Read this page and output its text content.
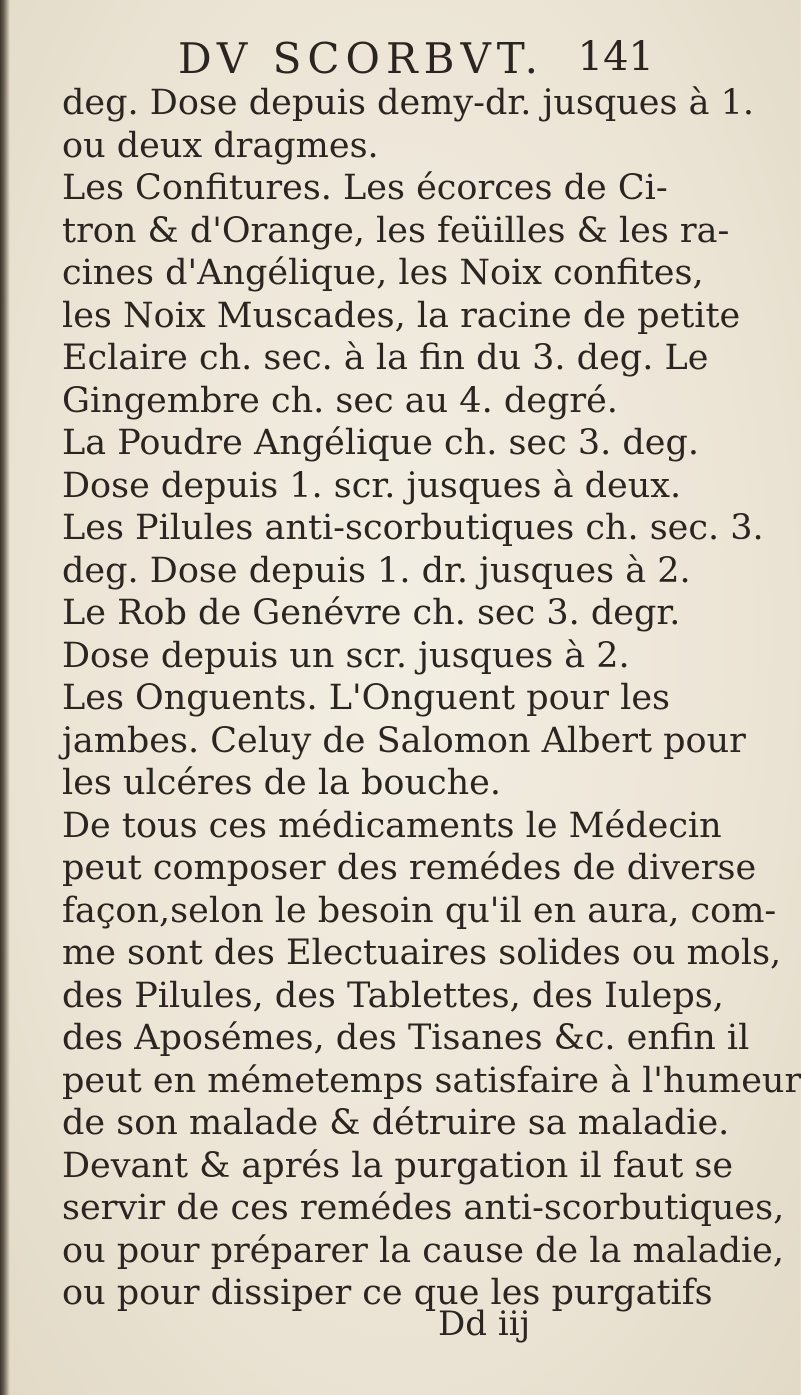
DV SCORBVT. 141
deg. Dose depuis demy-dr. jusques à 1.
ou deux dragmes.
Les Confitures. Les écorces de Ci-
tron & d'Orange, les feüilles & les ra-
cines d'Angélique, les Noix confites,
les Noix Muscades, la racine de petite
Eclaire ch. sec. à la fin du 3. deg. Le
Gingembre ch. sec au 4. degré.
La Poudre Angélique ch. sec 3. deg.
Dose depuis 1. scr. jusques à deux.
Les Pilules anti-scorbutiques ch. sec. 3.
deg. Dose depuis 1. dr. jusques à 2.
Le Rob de Genévre ch. sec 3. degr.
Dose depuis un scr. jusques à 2.
Les Onguents. L'Onguent pour les
jambes. Celuy de Salomon Albert pour
les ulcéres de la bouche.
De tous ces médicaments le Médecin
peut composer des remédes de diverse
façon,selon le besoin qu'il en aura, com-
me sont des Electuaires solides ou mols,
des Pilules, des Tablettes, des Iuleps,
des Aposémes, des Tisanes &c. enfin il
peut en mémetemps satisfaire à l'humeur
de son malade & détruire sa maladie.
Devant & aprés la purgation il faut se
servir de ces remédes anti-scorbutiques,
ou pour préparer la cause de la maladie,
ou pour dissiper ce que les purgatifs
Dd iij
